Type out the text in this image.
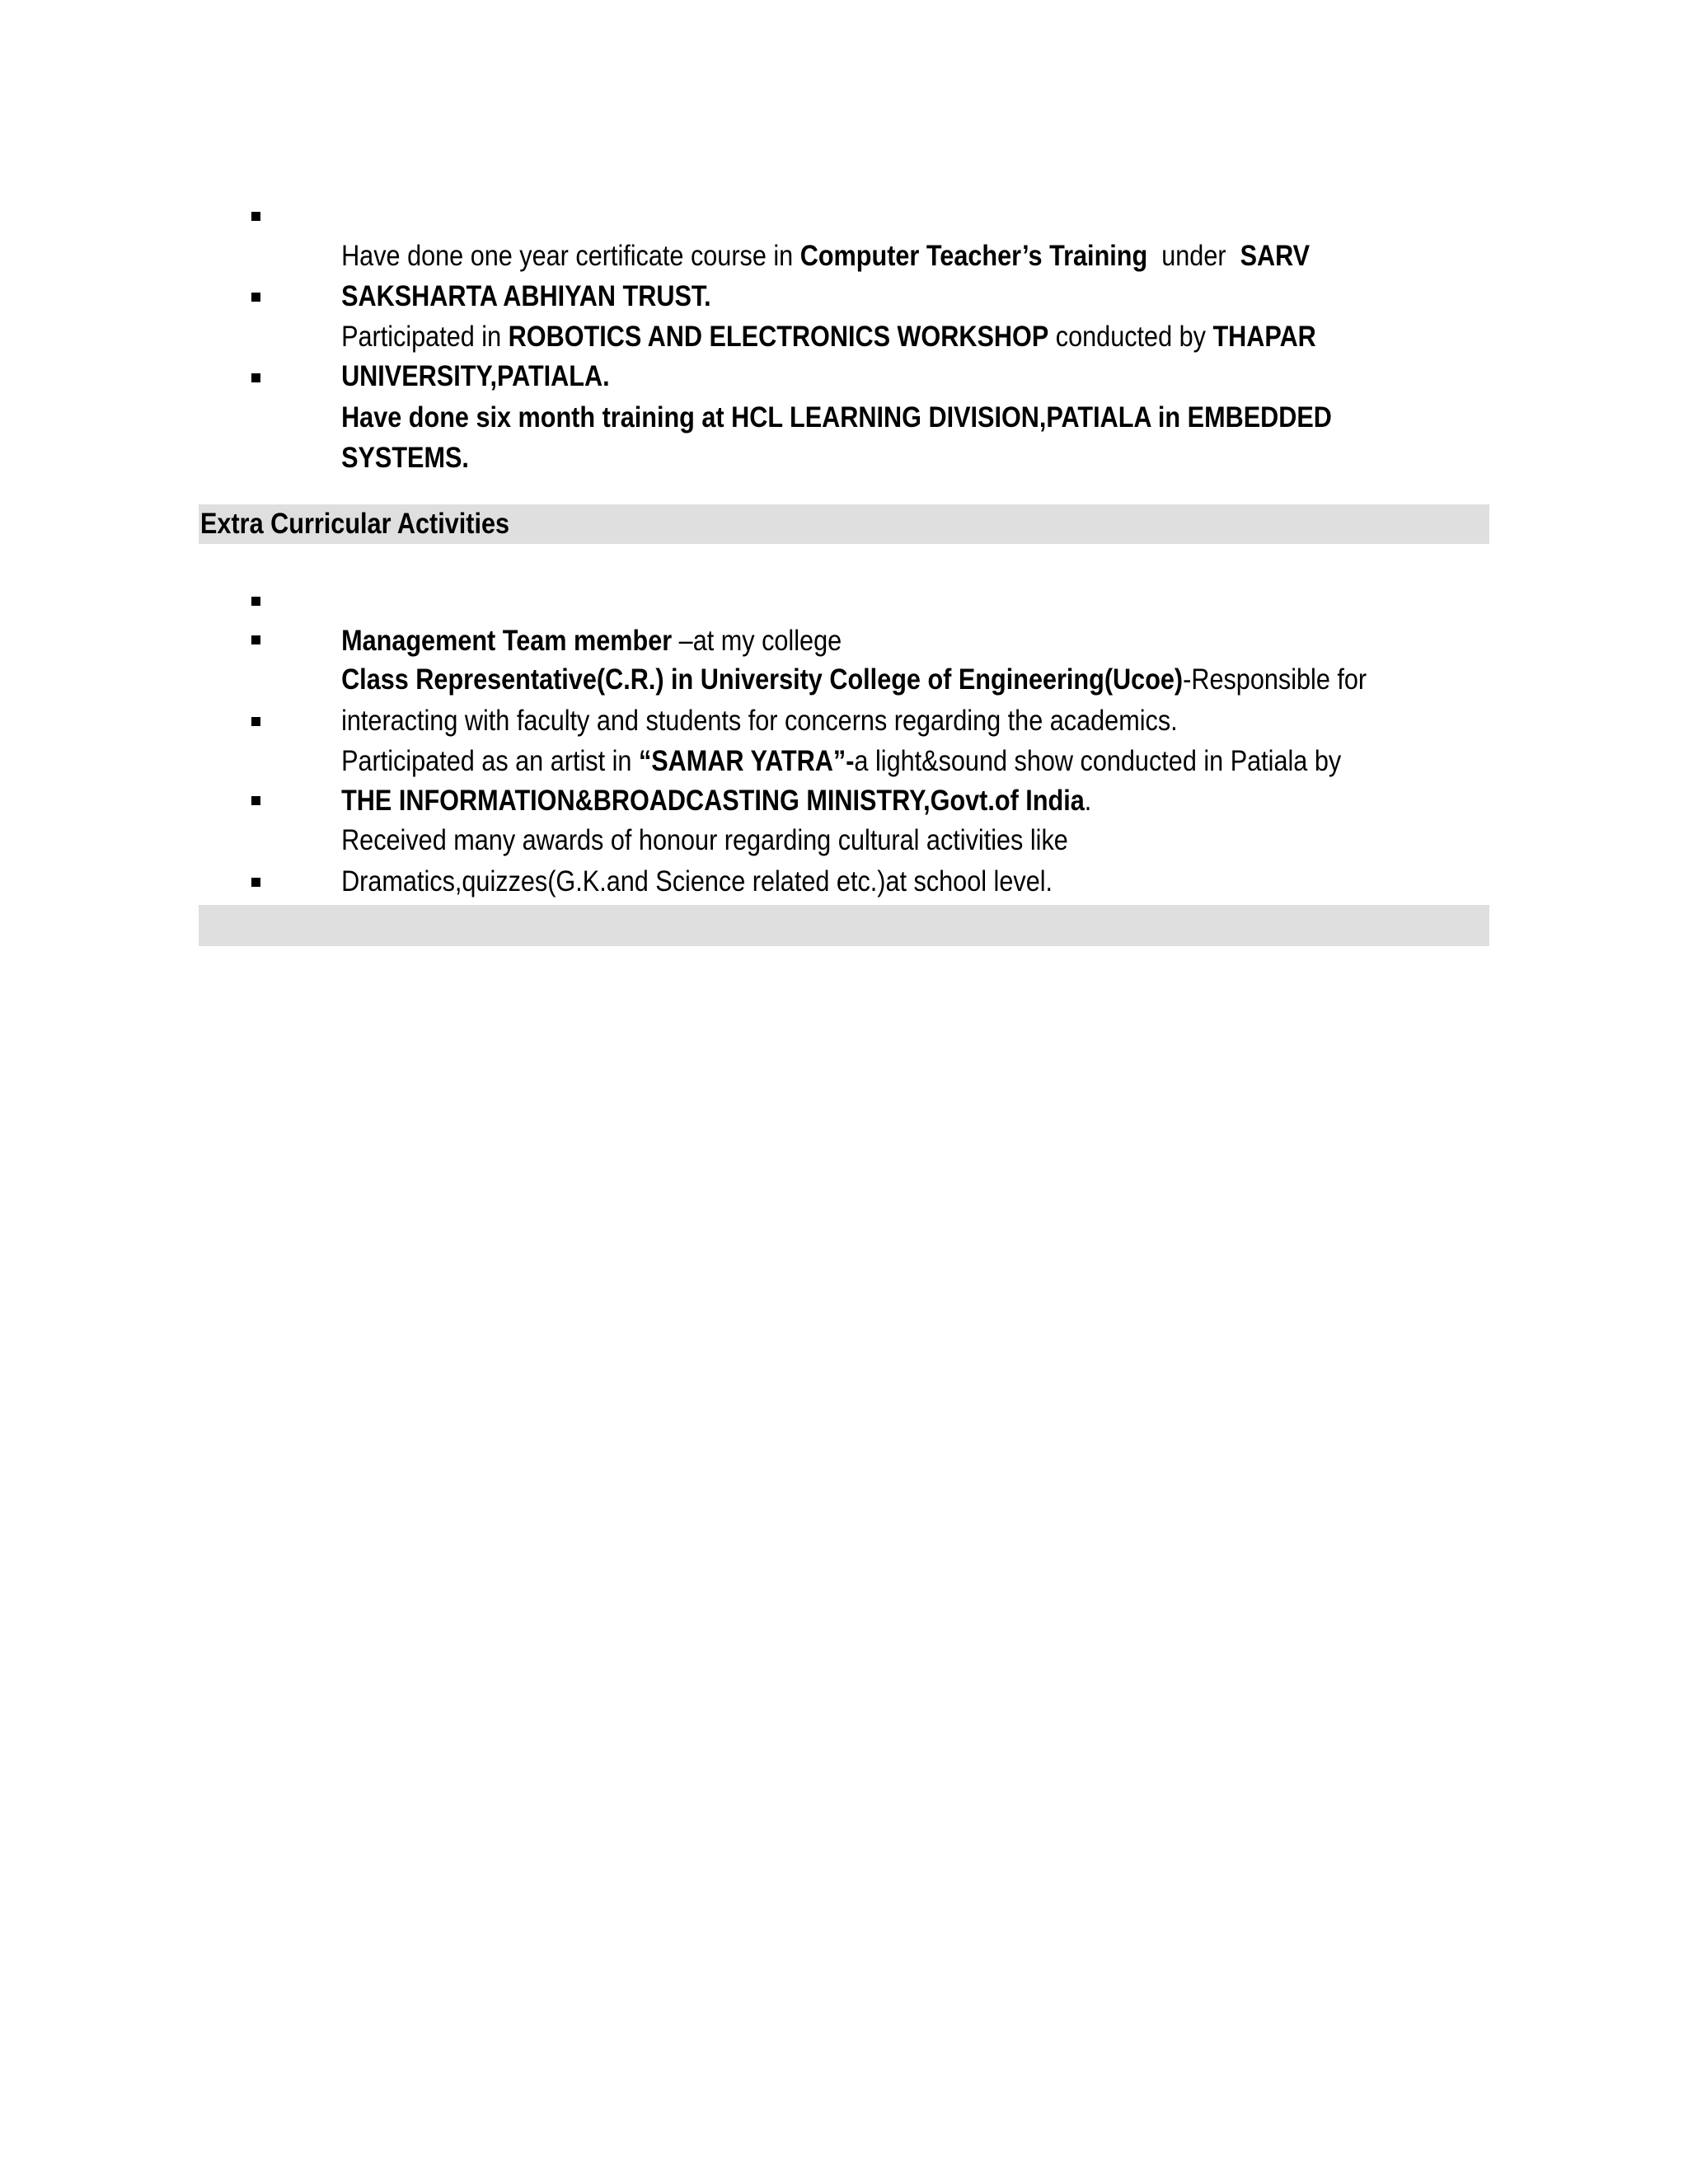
Have done one year certificate course in Computer Teacher’s Training  under  SARV

SAKSHARTA ABHIYAN TRUST.

Participated in ROBOTICS AND ELECTRONICS WORKSHOP conducted by THAPAR

UNIVERSITY,PATIALA.

Have done six month training at HCL LEARNING DIVISION,PATIALA in EMBEDDED

SYSTEMS.

Extra Curricular Activities

Management Team member –at my college

Class Representative(C.R.) in University College of Engineering(Ucoe)-Responsible for

interacting with faculty and students for concerns regarding the academics.

Participated as an artist in “SAMAR YATRA”-a light&sound show conducted in Patiala by

THE INFORMATION&BROADCASTING MINISTRY,Govt.of India.

Received many awards of honour regarding cultural activities like

Dramatics,quizzes(G.K.and Science related etc.)at school level.
